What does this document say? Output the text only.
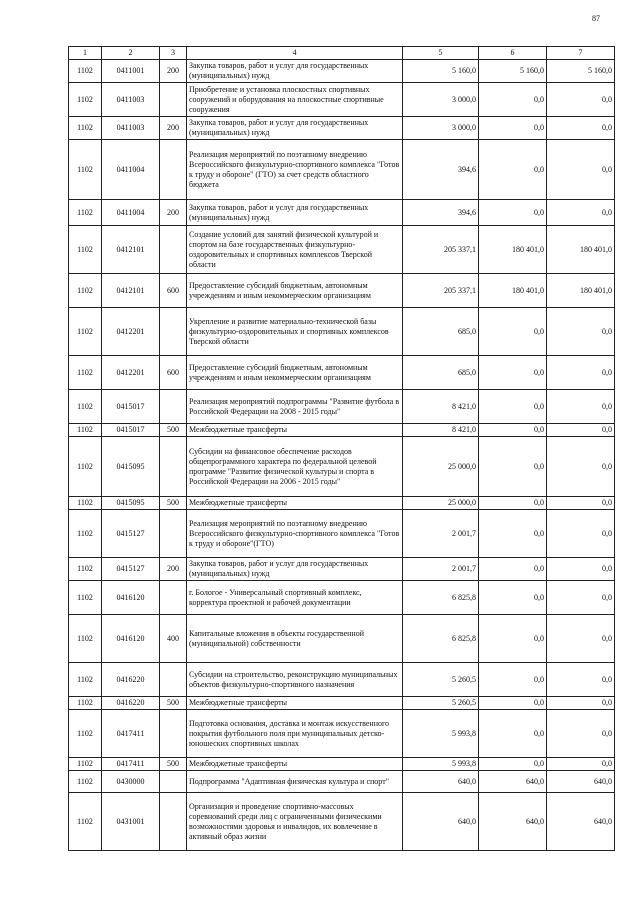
87
1	2	3	4	5	6	7
1102	0411001	200	Закупка товаров, работ и услуг для государственных (муниципальных) нужд	5 160,0	5 160,0	5 160,0
1102	0411003		Приобретение и установка плоскостных спортивных сооружений и оборудования на плоскостные спортивные сооружения	3 000,0	0,0	0,0
1102	0411003	200	Закупка товаров, работ и услуг для государственных (муниципальных) нужд	3 000,0	0,0	0,0
1102	0411004		Реализация мероприятий по поэтапному внедрению Всероссийского физкультурно-спортивного комплекса "Готов к труду и обороне" (ГТО) за счет средств областного бюджета	394,6	0,0	0,0
1102	0411004	200	Закупка товаров, работ и услуг для государственных (муниципальных) нужд	394,6	0,0	0,0
1102	0412101		Создание условий для занятий физической культурой и спортом на базе государственных физкультурно-оздоровительных и спортивных комплексов Тверской области	205 337,1	180 401,0	180 401,0
1102	0412101	600	Предоставление субсидий бюджетным, автономным учреждениям и иным некоммерческим организациям	205 337,1	180 401,0	180 401,0
1102	0412201		Укрепление и развитие материально-технической базы физкультурно-оздоровительных и спортивных комплексов Тверской области	685,0	0,0	0,0
1102	0412201	600	Предоставление субсидий бюджетным, автономным учреждениям и иным некоммерческим организациям	685,0	0,0	0,0
1102	0415017		Реализация мероприятий подпрограммы "Развитие футбола в Российской Федерации на 2008 - 2015 годы"	8 421,0	0,0	0,0
1102	0415017	500	Межбюджетные трансферты	8 421,0	0,0	0,0
1102	0415095		Субсидии на финансовое обеспечение расходов общепрограммного характера по федеральной целевой программе "Развитие физической культуры и спорта в Российской Федерации на 2006 - 2015 годы"	25 000,0	0,0	0,0
1102	0415095	500	Межбюджетные трансферты	25 000,0	0,0	0,0
1102	0415127		Реализация мероприятий по поэтапному внедрению Всероссийского физкультурно-спортивного комплекса "Готов к труду и обороне"(ГТО)	2 001,7	0,0	0,0
1102	0415127	200	Закупка товаров, работ и услуг для государственных (муниципальных) нужд	2 001,7	0,0	0,0
1102	0416120		г. Бологое - Универсальный спортивный комплекс, корректура проектной и рабочей документации	6 825,8	0,0	0,0
1102	0416120	400	Капитальные вложения в объекты государственной (муниципальной) собственности	6 825,8	0,0	0,0
1102	0416220		Субсидии на строительство, реконструкцию муниципальных объектов физкультурно-спортивного назначения	5 260,5	0,0	0,0
1102	0416220	500	Межбюджетные трансферты	5 260,5	0,0	0,0
1102	0417411		Подготовка основания, доставка и монтаж искусственного покрытия футбольного поля при муниципальных детско-юношеских спортивных школах	5 993,8	0,0	0,0
1102	0417411	500	Межбюджетные трансферты	5 993,8	0,0	0,0
1102	0430000		Подпрограмма "Адаптивная физическая культура и спорт"	640,0	640,0	640,0
1102	0431001		Организация и проведение спортивно-массовых соревнований среди лиц с ограниченными физическими возможностями здоровья и инвалидов, их вовлечение в активный образ жизни	640,0	640,0	640,0
